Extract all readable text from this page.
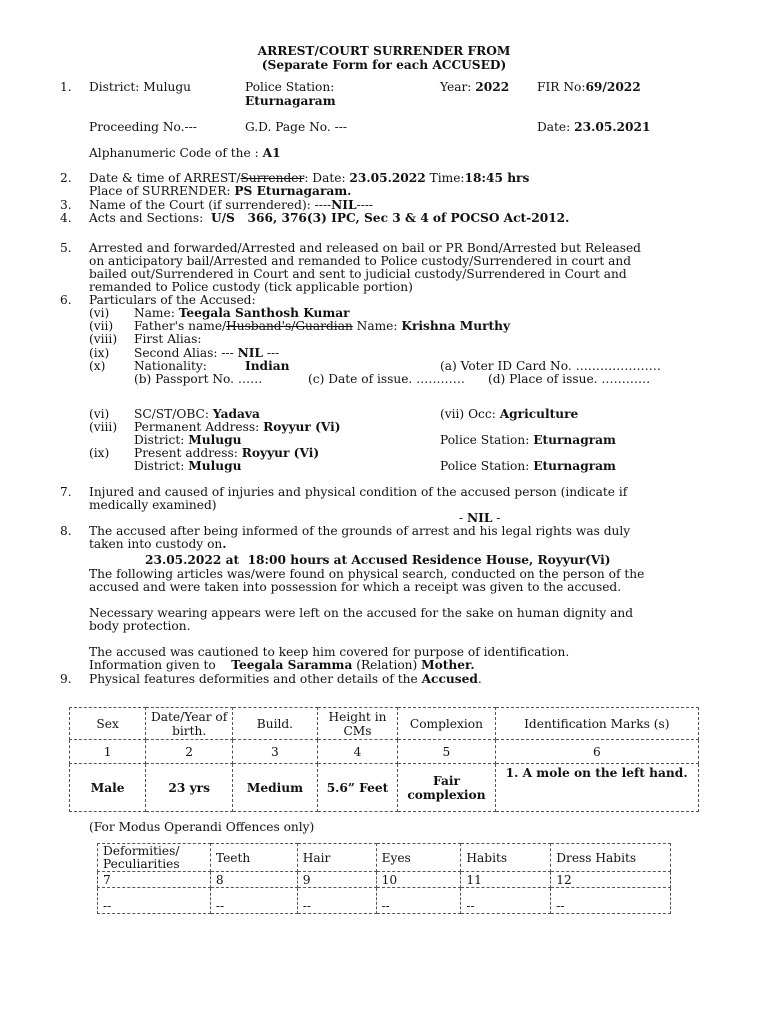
ARREST/COURT SURRENDER FROM
(Separate Form for each ACCUSED)
1. District: Mulugu	Police Station:
Eturnagaram
Year: 2022 FIR No:69/2022
Proceeding No.---	G.D. Page No. ---	Date: 23.05.2021
Alphanumeric Code of the : A1
2. Date & time of ARREST/Surrender: Date: 23.05.2022 Time:18:45 hrs
Place of SURRENDER: PS Eturnagaram.
3. Name of the Court (if surrendered): ----NIL----
4. Acts and Sections: U/S   366, 376(3) IPC, Sec 3 & 4 of POCSO Act-2012.
5. Arrested and forwarded/Arrested and released on bail or PR Bond/Arrested but Released
on anticipatory bail/Arrested and remanded to Police custody/Surrendered in court and
bailed out/Surrendered in Court and sent to judicial custody/Surrendered in Court and
remanded to Police custody (tick applicable portion)
6. Particulars of the Accused:
(vi) Name: Teegala Santhosh Kumar
(vii) Father's name/Husband's/Guardian Name: Krishna Murthy
(viii) First Alias:
(ix) Second Alias: --- NIL ---
(x) Nationality:	Indian	(a) Voter ID Card No. …………………
(b) Passport No. ……	(c) Date of issue. ………… (d) Place of issue. …………
(vi) SC/ST/OBC: Yadava	(vii) Occ: Agriculture
(viii) Permanent Address: Royyur (Vi)
District: Mulugu	Police Station: Eturnagram
(ix) Present address: Royyur (Vi)
District: Mulugu	Police Station: Eturnagram
7. Injured and caused of injuries and physical condition of the accused person (indicate if
medically examined)
- NIL -
8. The accused after being informed of the grounds of arrest and his legal rights was duly
taken into custody on.
23.05.2022 at  18:00 hours at Accused Residence House, Royyur(Vi)
The following articles was/were found on physical search, conducted on the person of the
accused and were taken into possession for which a receipt was given to the accused.
Necessary wearing appears were left on the accused for the sake on human dignity and
body protection.
The accused was cautioned to keep him covered for purpose of identification.
Information given to Teegala Saramma (Relation) Mother.
9. Physical features deformities and other details of the Accused.
Sex	Date/Year of birth.	Build.	Height in CMs	Complexion	Identification Marks (s)
1	2	3	4	5	6
Male	23 yrs	Medium	5.6” Feet	Fair complexion	1. A mole on the left hand.
(For Modus Operandi Offences only)
Deformities/ Peculiarities	Teeth	Hair	Eyes	Habits	Dress Habits
7	8	9	10	11	12
--	--	--	--	--	--
